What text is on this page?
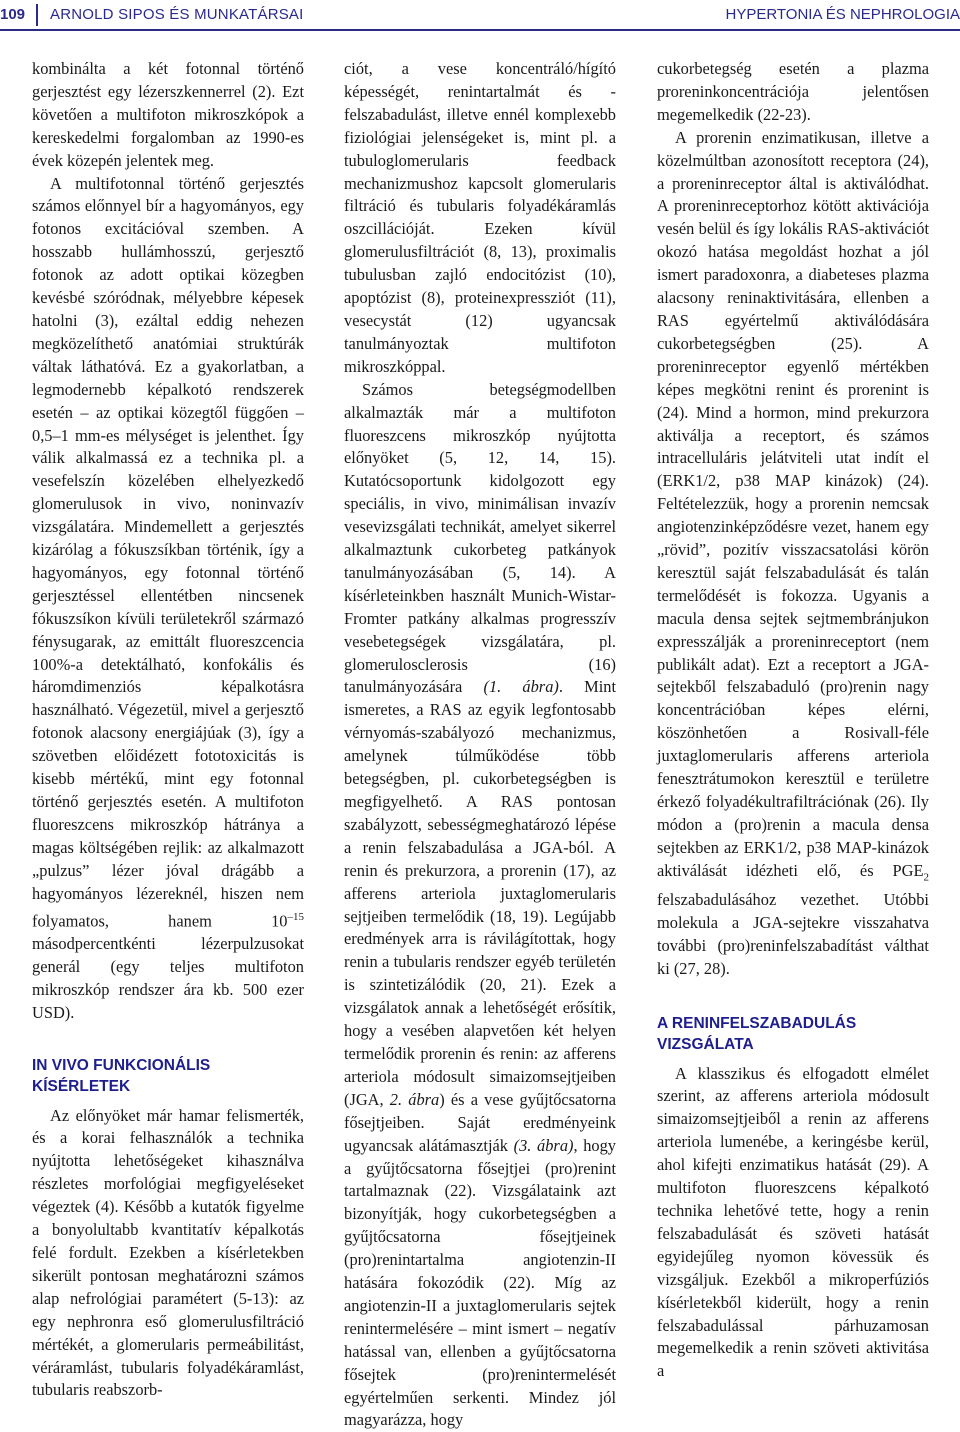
109 ARNOLD SIPOS ÉS MUNKATÁRSAI	HYPERTONIA ÉS NEPHROLOGIA

kombinálta a két fotonnal történő gerjesztést egy lézerszkennerrel (2). Ezt követően a multifoton mikroszkópok a kereskedelmi forgalomban az 1990-es évek közepén jelentek meg.

A multifotonnal történő gerjesztés számos előnnyel bír a hagyományos, egy fotonos excitációval szemben. A hosszabb hullámhosszú, gerjesztő fotonok az adott optikai közegben kevésbé szóródnak, mélyebbre képesek hatolni (3), ezáltal eddig nehezen megközelíthető anatómiai struktúrák váltak láthatóvá. Ez a gyakorlatban, a legmodernebb képalkotó rendszerek esetén – az optikai közegtől függően – 0,5–1 mm-es mélységet is jelenthet. Így válik alkalmassá ez a technika pl. a vesefelszín közelében elhelyezkedő glomerulusok in vivo, noninvazív vizsgálatára. Mindemellett a gerjesztés kizárólag a fókuszsíkban történik, így a hagyományos, egy fotonnal történő gerjesztéssel ellentétben nincsenek fókuszsíkon kívüli területekről származó fénysugarak, az emittált fluoreszcencia 100%-a detektálható, konfokális és háromdimenziós képalkotásra használható. Végezetül, mivel a gerjesztő fotonok alacsony energiájúak (3), így a szövetben előidézett fototoxicitás is kisebb mértékű, mint egy fotonnal történő gerjesztés esetén. A multifoton fluoreszcens mikroszkóp hátránya a magas költségében rejlik: az alkalmazott „pulzus” lézer jóval drágább a hagyományos lézereknél, hiszen nem folyamatos, hanem $10^{-15}$ másodpercentkénti lézerpulzusokat generál (egy teljes multifoton mikroszkóp rendszer ára kb. 500 ezer USD).

IN VIVO FUNKCIONÁLIS KÍSÉRLETEK

Az előnyöket már hamar felismerték, és a korai felhasználók a technika nyújtotta lehetőségeket kihasználva részletes morfológiai megfigyeléseket végeztek (4). Később a kutatók figyelme a bonyolultabb kvantitatív képalkotás felé fordult. Ezekben a kísérletekben sikerült pontosan meghatározni számos alap nefrológiai paramétert (5-13): az egy nephronra eső glomerulusfiltráció mértékét, a glomerularis permeábilitást, véráramlást, tubularis folyadékáramlást, tubularis reabszorb-

ciót, a vese koncentráló/hígító képességét, renintartalmát és -felszabadulást, illetve ennél komplexebb fiziológiai jelenségeket is, mint pl. a tubuloglomerularis feedback mechanizmushoz kapcsolt glomerularis filtráció és tubularis folyadékáramlás oszcillációját. Ezeken kívül glomerulusfiltrációt (8, 13), proximalis tubulusban zajló endocitózist (10), apoptózist (8), proteinexpressziót (11), vesecystát (12) ugyancsak tanulmányoztak multifoton mikroszkóppal.

Számos betegségmodellben alkalmazták már a multifoton fluoreszcens mikroszkóp nyújtotta előnyöket (5, 12, 14, 15). Kutatócsoportunk kidolgozott egy speciális, in vivo, minimálisan invazív vesevizsgálati technikát, amelyet sikerrel alkalmaztunk cukorbeteg patkányok tanulmányozásában (5, 14). A kísérleteinkben használt Munich-Wistar-Fromter patkány alkalmas progresszív vesebetegségek vizsgálatára, pl. glomerulosclerosis (16) tanulmányozására (1. ábra). Mint ismeretes, a RAS az egyik legfontosabb vérnyomás-szabályozó mechanizmus, amelynek túlműködése több betegségben, pl. cukorbetegségben is megfigyelhető. A RAS pontosan szabályzott, sebességmeghatározó lépése a renin felszabadulása a JGA-ból. A renin és prekurzora, a prorenin (17), az afferens arteriola juxtaglomerularis sejtjeiben termelődik (18, 19). Legújabb eredmények arra is rávilágítottak, hogy renin a tubularis rendszer egyéb területén is szintetizálódik (20, 21). Ezek a vizsgálatok annak a lehetőségét erősítik, hogy a vesében alapvetően két helyen termelődik prorenin és renin: az afferens arteriola módosult simaizomsejtjeiben (JGA, 2. ábra) és a vese gyűjtőcsatorna fősejtjeiben. Saját eredményeink ugyancsak alátámasztják (3. ábra), hogy a gyűjtőcsatorna fősejtjei (pro)renint tartalmaznak (22). Vizsgálataink azt bizonyítják, hogy cukorbetegségben a gyűjtőcsatorna fősejtjeinek (pro)renintartalma angiotenzin-II hatására fokozódik (22). Míg az angiotenzin-II a juxtaglomerularis sejtek renintermelésére – mint ismert – negatív hatással van, ellenben a gyűjtőcsatorna fősejtek (pro)renintermelését egyértelműen serkenti. Mindez jól magyarázza, hogy

cukorbetegség esetén a plazma proreninkoncentrációja jelentősen megemelkedik (22-23).

A prorenin enzimatikusan, illetve a közelmúltban azonosított receptora (24), a proreninreceptor által is aktiválódhat. A proreninreceptorhoz kötött aktivációja vesén belül és így lokális RAS-aktivációt okozó hatása megoldást hozhat a jól ismert paradoxonra, a diabeteses plazma alacsony reninaktivitására, ellenben a RAS egyértelmű aktiválódására cukorbetegségben (25). A proreninreceptor egyenlő mértékben képes megkötni renint és prorenint is (24). Mind a hormon, mind prekurzora aktiválja a receptort, és számos intracelluláris jelátviteli utat indít el (ERK1/2, p38 MAP kinázok) (24). Feltételezzük, hogy a prorenin nemcsak angiotenzinképződésre vezet, hanem egy „rövid”, pozitív visszacsatolási körön keresztül saját felszabadulását és talán termelődését is fokozza. Ugyanis a macula densa sejtek sejtmembránjukon expresszálják a proreninreceptort (nem publikált adat). Ezt a receptort a JGA-sejtekből felszabaduló (pro)renin nagy koncentrációban képes elérni, köszönhetően a Rosivall-féle juxtaglomerularis afferens arteriola fenesztrátumokon keresztül e területre érkező folyadékultrafiltrációnak (26). Ily módon a (pro)renin a macula densa sejtekben az ERK1/2, p38 MAP-kinázok aktiválását idézheti elő, és $PGE_2$ felszabadulásához vezethet. Utóbbi molekula a JGA-sejtekre visszahatva további (pro)reninfelszabadítást válthat ki (27, 28).

A RENINFELSZABADULÁS VIZSGÁLATA

A klasszikus és elfogadott elmélet szerint, az afferens arteriola módosult simaizomsejtjeiből a renin az afferens arteriola lumenébe, a keringésbe kerül, ahol kifejti enzimatikus hatását (29). A multifoton fluoreszcens képalkotó technika lehetővé tette, hogy a renin felszabadulását és szöveti hatását egyidejűleg nyomon kövessük és vizsgáljuk. Ezekből a mikroperfúziós kísérletekből kiderült, hogy a renin felszabadulással párhuzamosan megemelkedik a renin szöveti aktivitása a
